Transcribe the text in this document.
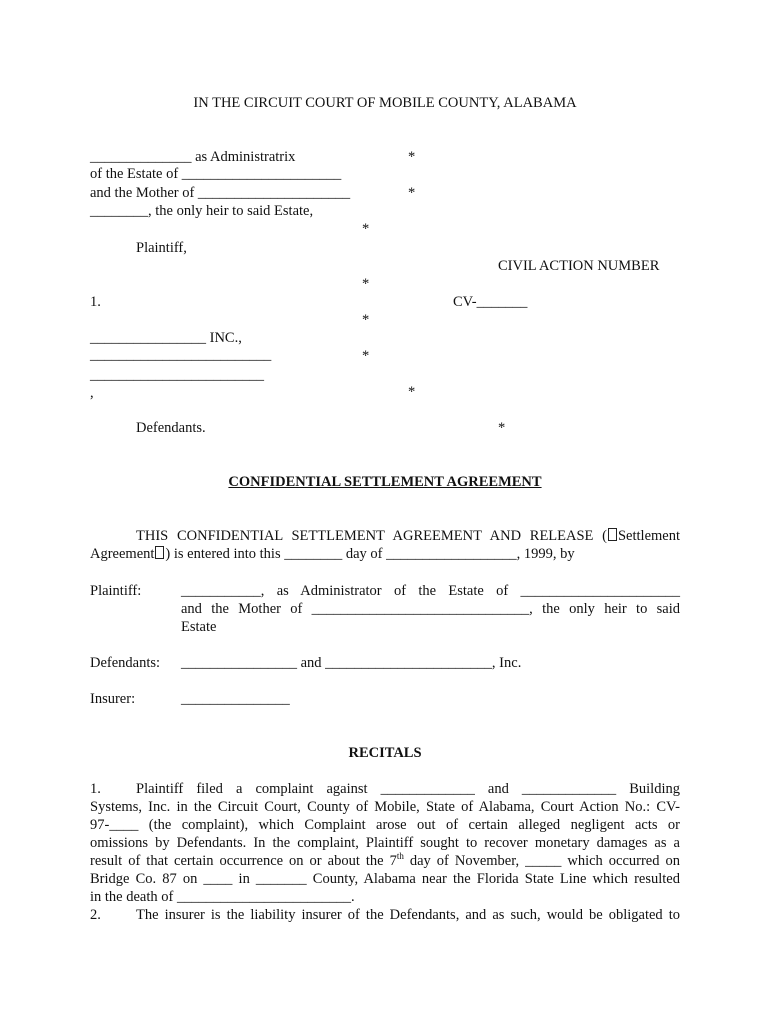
IN THE CIRCUIT COURT OF MOBILE COUNTY, ALABAMA
______________ as Administratrix
of the Estate of ______________________
and the Mother of _____________________
________, the only heir to said Estate,
Plaintiff,
1.
________________ INC.,
_________________________
________________________
,
Defendants.
*
*
*
*
*
*
*
*
CIVIL ACTION NUMBER
CV-_______
CONFIDENTIAL SETTLEMENT AGREEMENT
THIS CONFIDENTIAL SETTLEMENT AGREEMENT AND RELEASE ( Settlement
Agreement ) is entered into this ________ day of __________________, 1999, by
Plaintiff:	___________, as Administrator of the Estate of ______________________
and the Mother of ______________________________, the only heir to said
Estate
Defendants: ________________ and _______________________, Inc.
Insurer:	_______________
RECITALS
1. Plaintiff filed a complaint against _____________ and _____________ Building
Systems, Inc. in the Circuit Court, County of Mobile, State of Alabama, Court Action No.: CV-
97-____ (the complaint), which Complaint arose out of certain alleged negligent acts or
omissions by Defendants. In the complaint, Plaintiff sought to recover monetary damages as a
result of that certain occurrence on or about the 7th day of November, _____ which occurred on
Bridge Co. 87 on ____ in _______ County, Alabama near the Florida State Line which resulted
in the death of ________________________.
2. The insurer is the liability insurer of the Defendants, and as such, would be obligated to
